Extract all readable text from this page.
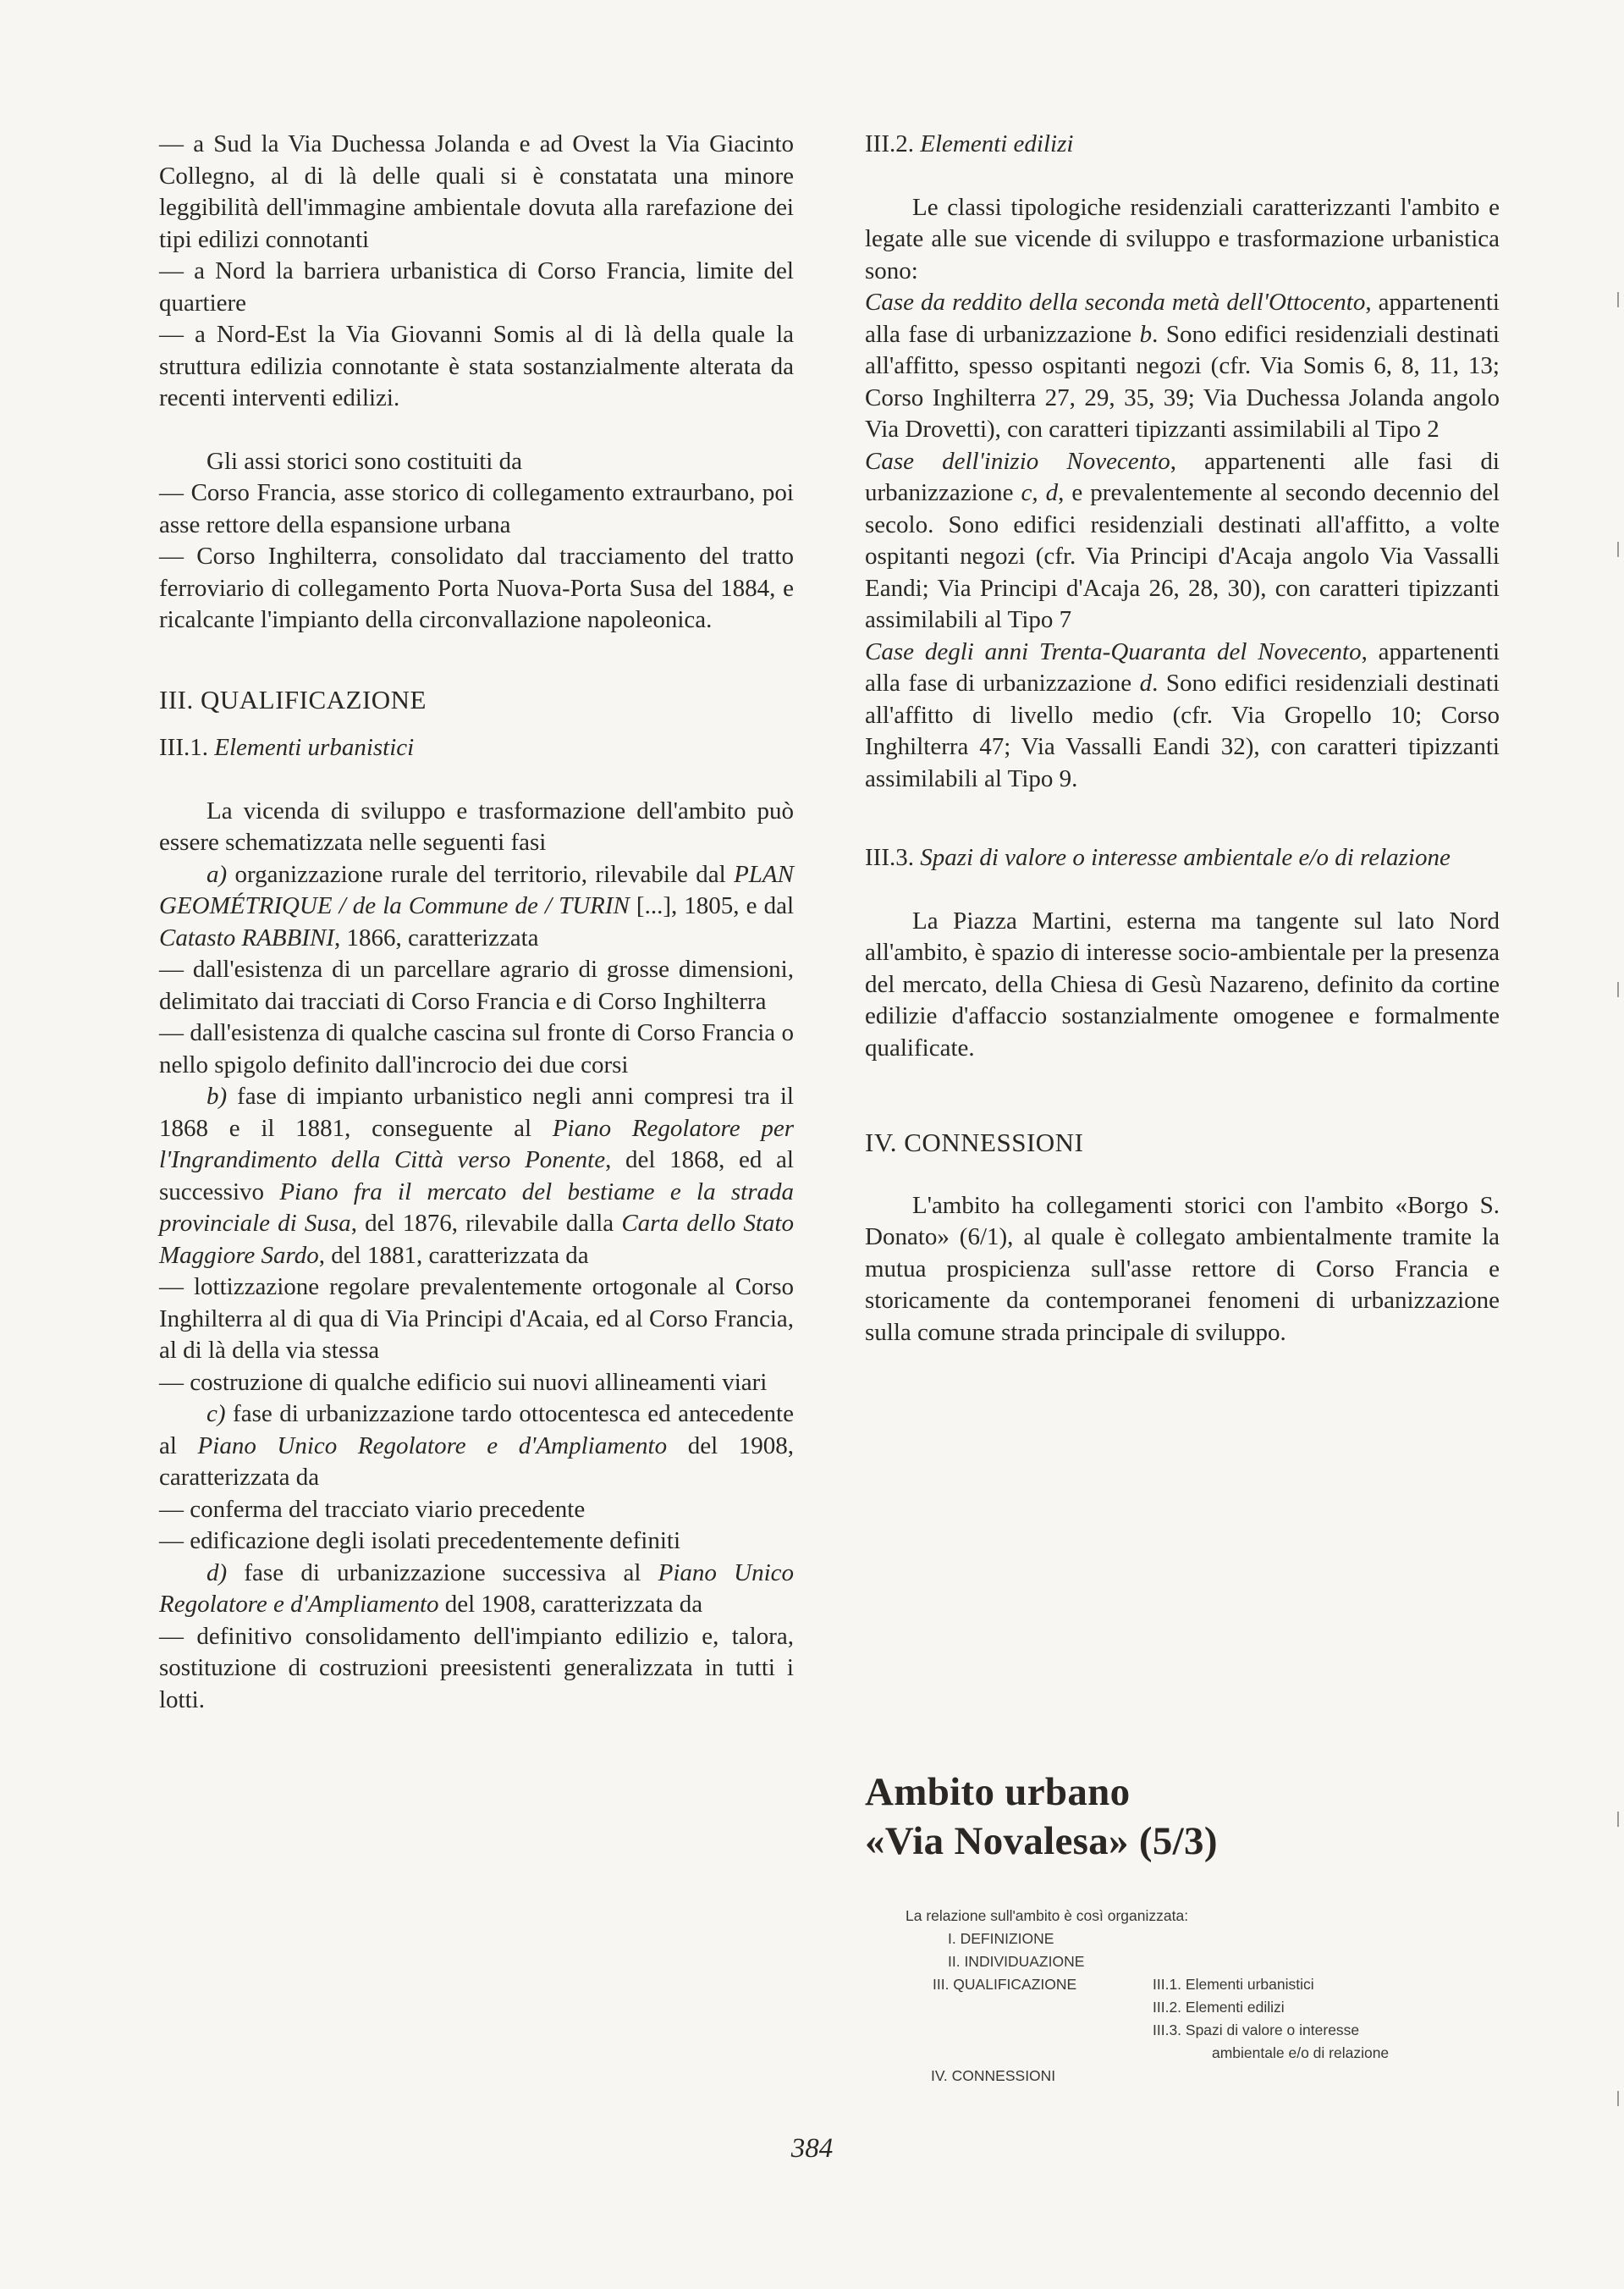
— a Sud la Via Duchessa Jolanda e ad Ovest la Via Giacinto Collegno, al di là delle quali si è constatata una minore leggibilità dell'immagine ambientale dovuta alla rarefazione dei tipi edilizi connotanti

— a Nord la barriera urbanistica di Corso Francia, limite del quartiere

— a Nord-Est la Via Giovanni Somis al di là della quale la struttura edilizia connotante è stata sostanzialmente alterata da recenti interventi edilizi.

Gli assi storici sono costituiti da

— Corso Francia, asse storico di collegamento extraurbano, poi asse rettore della espansione urbana

— Corso Inghilterra, consolidato dal tracciamento del tratto ferroviario di collegamento Porta Nuova-Porta Susa del 1884, e ricalcante l'impianto della circonvallazione napoleonica.

III. QUALIFICAZIONE

III.1. Elementi urbanistici

La vicenda di sviluppo e trasformazione dell'ambito può essere schematizzata nelle seguenti fasi

a) organizzazione rurale del territorio, rilevabile dal PLAN GEOMÉTRIQUE / de la Commune de / TURIN [...], 1805, e dal Catasto RABBINI, 1866, caratterizzata

— dall'esistenza di un parcellare agrario di grosse dimensioni, delimitato dai tracciati di Corso Francia e di Corso Inghilterra

— dall'esistenza di qualche cascina sul fronte di Corso Francia o nello spigolo definito dall'incrocio dei due corsi

b) fase di impianto urbanistico negli anni compresi tra il 1868 e il 1881, conseguente al Piano Regolatore per l'Ingrandimento della Città verso Ponente, del 1868, ed al successivo Piano fra il mercato del bestiame e la strada provinciale di Susa, del 1876, rilevabile dalla Carta dello Stato Maggiore Sardo, del 1881, caratterizzata da

— lottizzazione regolare prevalentemente ortogonale al Corso Inghilterra al di qua di Via Principi d'Acaia, ed al Corso Francia, al di là della via stessa

— costruzione di qualche edificio sui nuovi allineamenti viari

c) fase di urbanizzazione tardo ottocentesca ed antecedente al Piano Unico Regolatore e d'Ampliamento del 1908, caratterizzata da

— conferma del tracciato viario precedente

— edificazione degli isolati precedentemente definiti

d) fase di urbanizzazione successiva al Piano Unico Regolatore e d'Ampliamento del 1908, caratterizzata da

— definitivo consolidamento dell'impianto edilizio e, talora, sostituzione di costruzioni preesistenti generalizzata in tutti i lotti.

III.2. Elementi edilizi

Le classi tipologiche residenziali caratterizzanti l'ambito e legate alle sue vicende di sviluppo e trasformazione urbanistica sono:

Case da reddito della seconda metà dell'Ottocento, appartenenti alla fase di urbanizzazione b. Sono edifici residenziali destinati all'affitto, spesso ospitanti negozi (cfr. Via Somis 6, 8, 11, 13; Corso Inghilterra 27, 29, 35, 39; Via Duchessa Jolanda angolo Via Drovetti), con caratteri tipizzanti assimilabili al Tipo 2

Case dell'inizio Novecento, appartenenti alle fasi di urbanizzazione c, d, e prevalentemente al secondo decennio del secolo. Sono edifici residenziali destinati all'affitto, a volte ospitanti negozi (cfr. Via Principi d'Acaja angolo Via Vassalli Eandi; Via Principi d'Acaja 26, 28, 30), con caratteri tipizzanti assimilabili al Tipo 7

Case degli anni Trenta-Quaranta del Novecento, appartenenti alla fase di urbanizzazione d. Sono edifici residenziali destinati all'affitto di livello medio (cfr. Via Gropello 10; Corso Inghilterra 47; Via Vassalli Eandi 32), con caratteri tipizzanti assimilabili al Tipo 9.

III.3. Spazi di valore o interesse ambientale e/o di relazione

La Piazza Martini, esterna ma tangente sul lato Nord all'ambito, è spazio di interesse socio-ambientale per la presenza del mercato, della Chiesa di Gesù Nazareno, definito da cortine edilizie d'affaccio sostanzialmente omogenee e formalmente qualificate.

IV. CONNESSIONI

L'ambito ha collegamenti storici con l'ambito «Borgo S. Donato» (6/1), al quale è collegato ambientalmente tramite la mutua prospicienza sull'asse rettore di Corso Francia e storicamente da contemporanei fenomeni di urbanizzazione sulla comune strada principale di sviluppo.

Ambito urbano
«Via Novalesa» (5/3)
La relazione sull'ambito è così organizzata:
I. DEFINIZIONE
II. INDIVIDUAZIONE
III. QUALIFICAZIONE	III.1. Elementi urbanistici
III.2. Elementi edilizi
III.3. Spazi di valore o interesse
ambientale e/o di relazione
IV. CONNESSIONI
384
